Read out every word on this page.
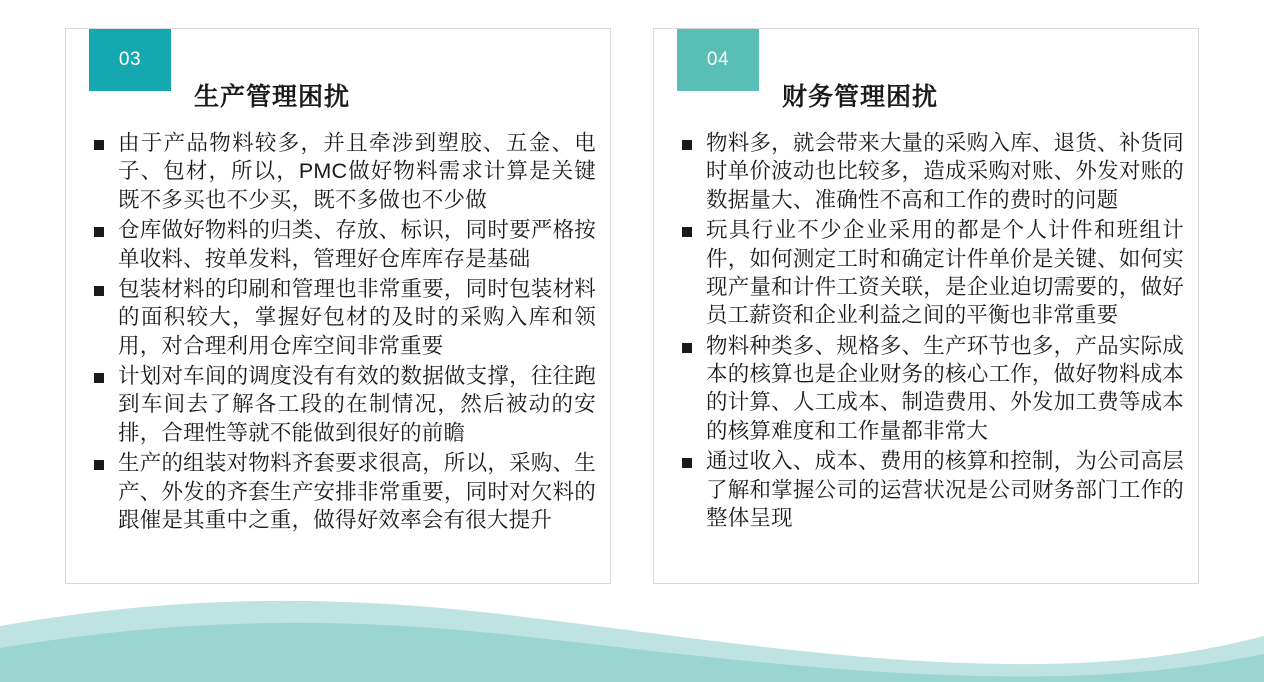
03
生产管理困扰
由于产品物料较多，并且牵涉到塑胶、五金、电子、包材，所以，PMC做好物料需求计算是关键既不多买也不少买，既不多做也不少做
仓库做好物料的归类、存放、标识，同时要严格按单收料、按单发料，管理好仓库库存是基础
包装材料的印刷和管理也非常重要，同时包装材料的面积较大，掌握好包材的及时的采购入库和领用，对合理利用仓库空间非常重要
计划对车间的调度没有有效的数据做支撑，往往跑到车间去了解各工段的在制情况，然后被动的安排，合理性等就不能做到很好的前瞻
生产的组装对物料齐套要求很高，所以，采购、生产、外发的齐套生产安排非常重要，同时对欠料的跟催是其重中之重，做得好效率会有很大提升
04
财务管理困扰
物料多，就会带来大量的采购入库、退货、补货同时单价波动也比较多，造成采购对账、外发对账的数据量大、准确性不高和工作的费时的问题
玩具行业不少企业采用的都是个人计件和班组计件，如何测定工时和确定计件单价是关键、如何实现产量和计件工资关联，是企业迫切需要的，做好员工薪资和企业利益之间的平衡也非常重要
物料种类多、规格多、生产环节也多，产品实际成本的核算也是企业财务的核心工作，做好物料成本的计算、人工成本、制造费用、外发加工费等成本的核算难度和工作量都非常大
通过收入、成本、费用的核算和控制，为公司高层了解和掌握公司的运营状况是公司财务部门工作的整体呈现
